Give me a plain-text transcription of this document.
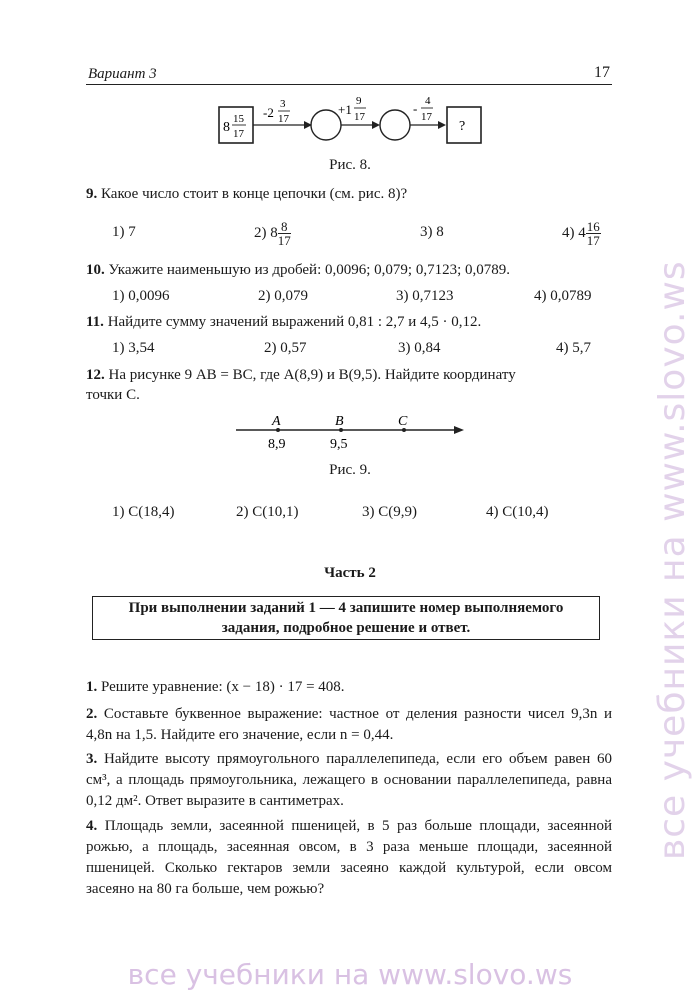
Вариант 3	17
8
15
17
-2
3
17
+1
9
17
- 4
17
?
Рис. 8.
9. Какое число стоит в конце цепочки (см. рис. 8)?
1) 7	2) $8 \frac{8}{17}$	3) 8	4) $4 \frac{16}{17}$
10. Укажите наименьшую из дробей: 0,0096; 0,079; 0,7123; 0,0789.
1) 0,0096	2) 0,079	3) 0,7123	4) 0,0789
11. Найдите сумму значений выражений 0,81 : 2,7 и 4,5 · 0,12.
1) 3,54	2) 0,57	3) 0,84	4) 5,7
12. На рисунке 9 AB = BC, где A(8,9) и B(9,5). Найдите координату
точки C.
A	B	C
8,9	9,5
Рис. 9.
1) C(18,4)	2) C(10,1)	3) C(9,9)	4) C(10,4)
Часть 2
При выполнении заданий 1 — 4 запишите номер выполняемого
задания, подробное решение и ответ.
1. Решите уравнение: (x − 18) · 17 = 408.
2. Составьте буквенное выражение: частное от деления разности чисел 9,3n и 4,8n на 1,5. Найдите его значение, если n = 0,44.
3. Найдите высоту прямоугольного параллелепипеда, если его объем равен 60 см³, а площадь прямоугольника, лежащего в основании параллелепипеда, равна 0,12 дм². Ответ выразите в сантиметрах.
4. Площадь земли, засеянной пшеницей, в 5 раз больше площади, засеянной рожью, а площадь, засеянная овсом, в 3 раза меньше площади, засеянной пшеницей. Сколько гектаров земли засеяно каждой культурой, если овсом засеяно на 80 га больше, чем рожью?
все учебники на www.slovo.ws
все учебники на www.slovo.ws
